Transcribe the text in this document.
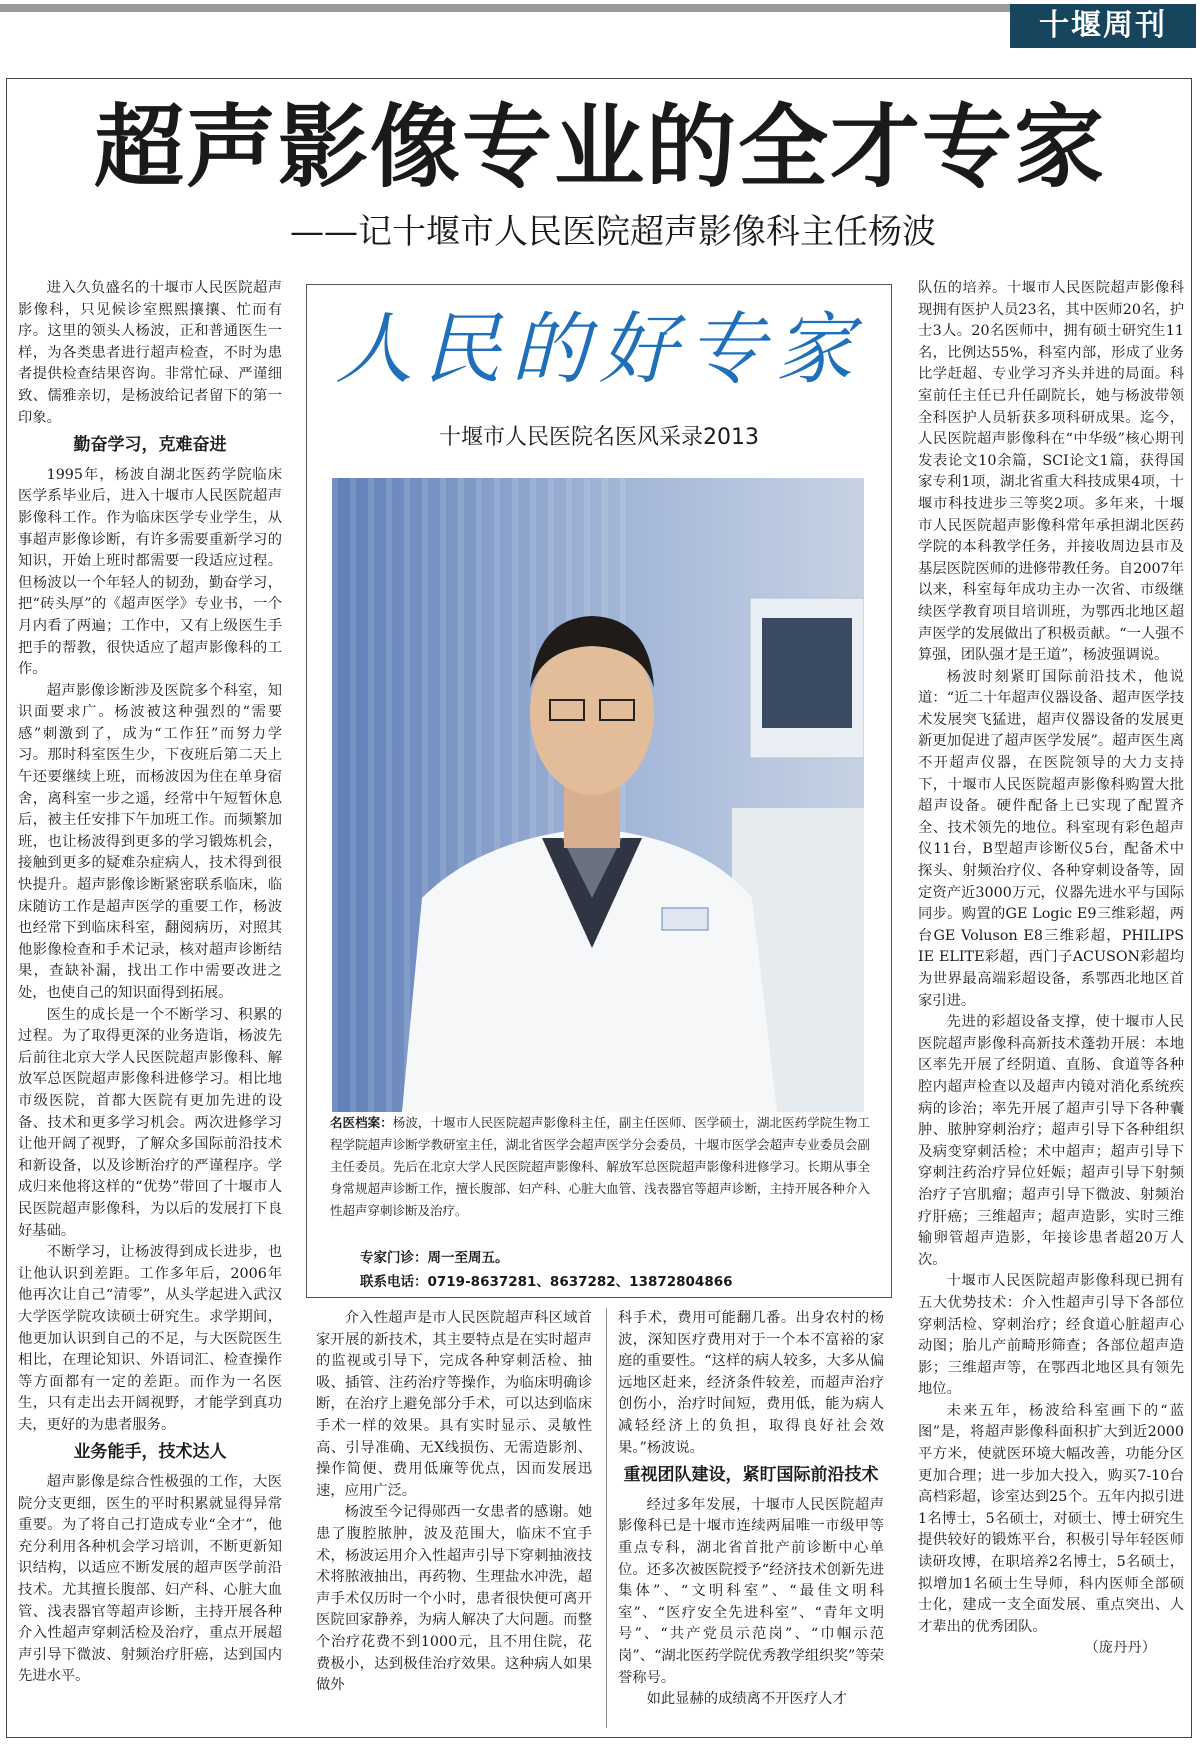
十堰周刊
超声影像专业的全才专家
——记十堰市人民医院超声影像科主任杨波

进入久负盛名的十堰市人民医院超声影像科，只见候诊室熙熙攘攘、忙而有序。这里的领头人杨波，正和普通医生一样，为各类患者进行超声检查，不时为患者提供检查结果咨询。非常忙碌、严谨细致、儒雅亲切，是杨波给记者留下的第一印象。

勤奋学习，克难奋进

1995年，杨波自湖北医药学院临床医学系毕业后，进入十堰市人民医院超声影像科工作。作为临床医学专业学生，从事超声影像诊断，有许多需要重新学习的知识，开始上班时都需要一段适应过程。但杨波以一个年轻人的韧劲，勤奋学习，把“砖头厚”的《超声医学》专业书，一个月内看了两遍；工作中，又有上级医生手把手的帮教，很快适应了超声影像科的工作。

超声影像诊断涉及医院多个科室，知识面要求广。杨波被这种强烈的“需要感”刺激到了，成为“工作狂”而努力学习。那时科室医生少，下夜班后第二天上午还要继续上班，而杨波因为住在单身宿舍，离科室一步之遥，经常中午短暂休息后，被主任安排下午加班工作。而频繁加班，也让杨波得到更多的学习锻炼机会，接触到更多的疑难杂症病人，技术得到很快提升。超声影像诊断紧密联系临床，临床随访工作是超声医学的重要工作，杨波也经常下到临床科室，翻阅病历，对照其他影像检查和手术记录，核对超声诊断结果，查缺补漏，找出工作中需要改进之处，也使自己的知识面得到拓展。

医生的成长是一个不断学习、积累的过程。为了取得更深的业务造诣，杨波先后前往北京大学人民医院超声影像科、解放军总医院超声影像科进修学习。相比地市级医院，首都大医院有更加先进的设备、技术和更多学习机会。两次进修学习让他开阔了视野，了解众多国际前沿技术和新设备，以及诊断治疗的严谨程序。学成归来他将这样的“优势”带回了十堰市人民医院超声影像科，为以后的发展打下良好基础。

不断学习，让杨波得到成长进步，也让他认识到差距。工作多年后，2006年他再次让自己“清零”，从头学起进入武汉大学医学院攻读硕士研究生。求学期间，他更加认识到自己的不足，与大医院医生相比，在理论知识、外语词汇、检查操作等方面都有一定的差距。而作为一名医生，只有走出去开阔视野，才能学到真功夫，更好的为患者服务。

业务能手，技术达人

超声影像是综合性极强的工作，大医院分支更细，医生的平时积累就显得异常重要。为了将自己打造成专业“全才”，他充分利用各种机会学习培训，不断更新知识结构，以适应不断发展的超声医学前沿技术。尤其擅长腹部、妇产科、心脏大血管、浅表器官等超声诊断，主持开展各种介入性超声穿刺活检及治疗，重点开展超声引导下微波、射频治疗肝癌，达到国内先进水平。

人民的好专家
十堰市人民医院名医风采录2013
名医档案：杨波，十堰市人民医院超声影像科主任，副主任医师、医学硕士，湖北医药学院生物工程学院超声诊断学教研室主任，湖北省医学会超声医学分会委员，十堰市医学会超声专业委员会副主任委员。先后在北京大学人民医院超声影像科、解放军总医院超声影像科进修学习。长期从事全身常规超声诊断工作，擅长腹部、妇产科、心脏大血管、浅表器官等超声诊断，主持开展各种介入性超声穿刺诊断及治疗。
专家门诊：周一至周五。
联系电话：0719-8637281、8637282、13872804866

介入性超声是市人民医院超声科区域首家开展的新技术，其主要特点是在实时超声的监视或引导下，完成各种穿刺活检、抽吸、插管、注药治疗等操作，为临床明确诊断，在治疗上避免部分手术，可以达到临床手术一样的效果。具有实时显示、灵敏性高、引导准确、无X线损伤、无需造影剂、操作简便、费用低廉等优点，因而发展迅速，应用广泛。

杨波至今记得郧西一女患者的感谢。她患了腹腔脓肿，波及范围大，临床不宜手术，杨波运用介入性超声引导下穿刺抽液技术将脓液抽出，再药物、生理盐水冲洗，超声手术仅历时一个小时，患者很快便可离开医院回家静养，为病人解决了大问题。而整个治疗花费不到1000元，且不用住院，花费极小，达到极佳治疗效果。这种病人如果做外

科手术，费用可能翻几番。出身农村的杨波，深知医疗费用对于一个本不富裕的家庭的重要性。“这样的病人较多，大多从偏远地区赶来，经济条件较差，而超声治疗创伤小，治疗时间短，费用低，能为病人减轻经济上的负担，取得良好社会效果。”杨波说。

重视团队建设，紧盯国际前沿技术

经过多年发展，十堰市人民医院超声影像科已是十堰市连续两届唯一市级甲等重点专科，湖北省首批产前诊断中心单位。还多次被医院授予“经济技术创新先进集体”、“文明科室”、“最佳文明科室”、“医疗安全先进科室”、“青年文明号”、“共产党员示范岗”、“巾帼示范岗”、“湖北医药学院优秀教学组织奖”等荣誉称号。

如此显赫的成绩离不开医疗人才

队伍的培养。十堰市人民医院超声影像科现拥有医护人员23名，其中医师20名，护士3人。20名医师中，拥有硕士研究生11名，比例达55%，科室内部，形成了业务比学赶超、专业学习齐头并进的局面。科室前任主任已升任副院长，她与杨波带领全科医护人员斩获多项科研成果。迄今，人民医院超声影像科在“中华级”核心期刊发表论文10余篇，SCI论文1篇，获得国家专利1项，湖北省重大科技成果4项，十堰市科技进步三等奖2项。多年来，十堰市人民医院超声影像科常年承担湖北医药学院的本科教学任务，并接收周边县市及基层医院医师的进修带教任务。自2007年以来，科室每年成功主办一次省、市级继续医学教育项目培训班，为鄂西北地区超声医学的发展做出了积极贡献。“一人强不算强，团队强才是王道”，杨波强调说。

杨波时刻紧盯国际前沿技术，他说道：“近二十年超声仪器设备、超声医学技术发展突飞猛进，超声仪器设备的发展更新更加促进了超声医学发展”。超声医生离不开超声仪器，在医院领导的大力支持下，十堰市人民医院超声影像科购置大批超声设备。硬件配备上已实现了配置齐全、技术领先的地位。科室现有彩色超声仪11台，B型超声诊断仪5台，配备术中探头、射频治疗仪、各种穿刺设备等，固定资产近3000万元，仪器先进水平与国际同步。购置的GE Logic E9三维彩超，两台GE Voluson E8三维彩超，PHILIPS IE ELITE彩超，西门子ACUSON彩超均为世界最高端彩超设备，系鄂西北地区首家引进。

先进的彩超设备支撑，使十堰市人民医院超声影像科高新技术蓬勃开展：本地区率先开展了经阴道、直肠、食道等各种腔内超声检查以及超声内镜对消化系统疾病的诊治；率先开展了超声引导下各种囊肿、脓肿穿刺治疗；超声引导下各种组织及病变穿刺活检；术中超声；超声引导下穿刺注药治疗异位妊娠；超声引导下射频治疗子宫肌瘤；超声引导下微波、射频治疗肝癌；三维超声；超声造影，实时三维输卵管超声造影，年接诊患者超20万人次。

十堰市人民医院超声影像科现已拥有五大优势技术：介入性超声引导下各部位穿刺活检、穿刺治疗；经食道心脏超声心动图；胎儿产前畸形筛查；各部位超声造影；三维超声等，在鄂西北地区具有领先地位。

未来五年，杨波给科室画下的“蓝图”是，将超声影像科面积扩大到近2000平方米，使就医环境大幅改善，功能分区更加合理；进一步加大投入，购买7-10台高档彩超，诊室达到25个。五年内拟引进1名博士，5名硕士，对硕士、博士研究生提供较好的锻炼平台，积极引导年轻医师读研攻博，在职培养2名博士，5名硕士，拟增加1名硕士生导师，科内医师全部硕士化，建成一支全面发展、重点突出、人才辈出的优秀团队。

（庞丹丹）
